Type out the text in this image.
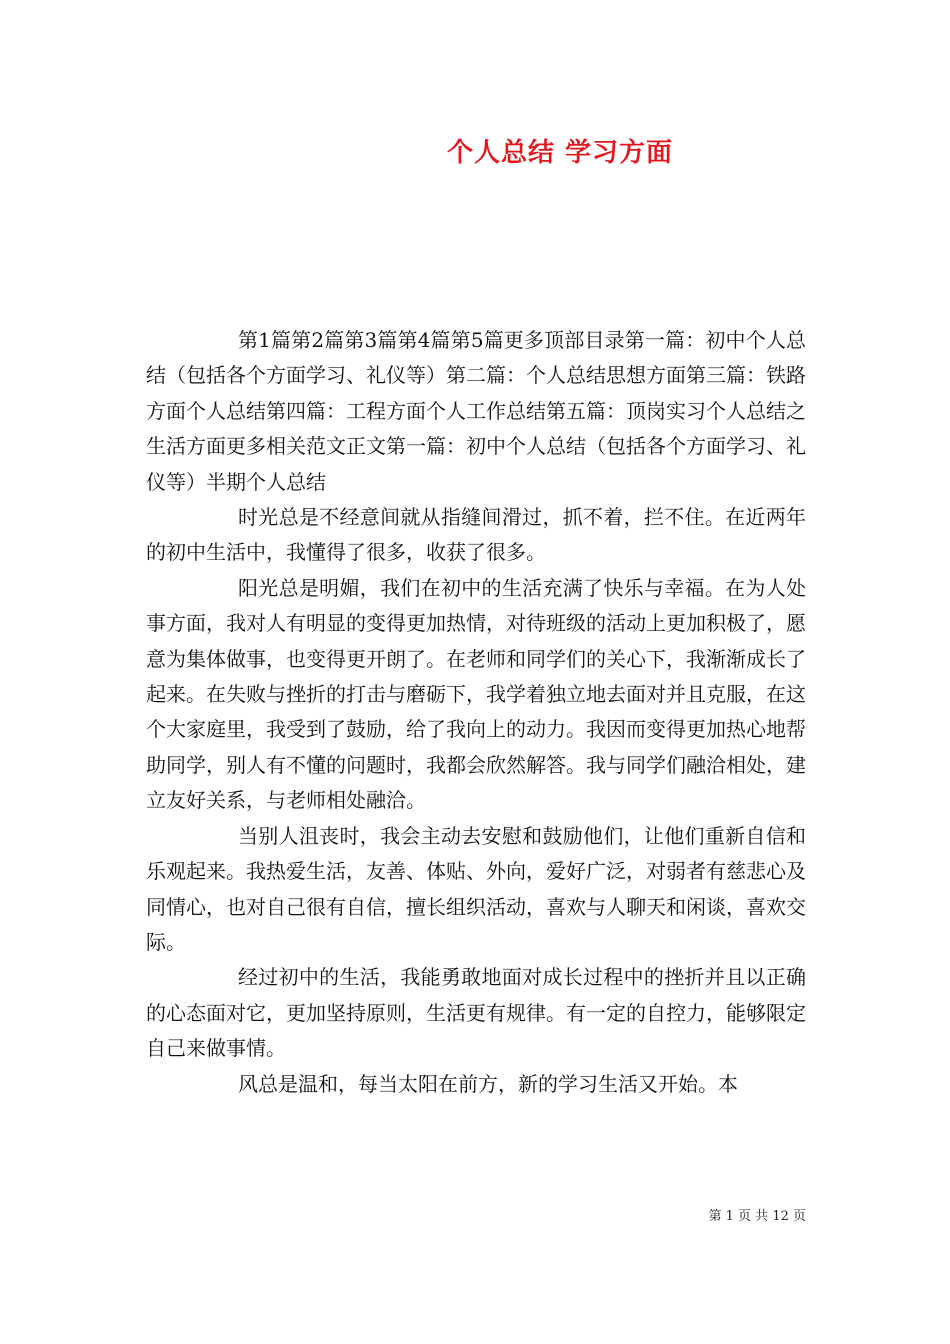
个人总结 学习方面

第1篇第2篇第3篇第4篇第5篇更多顶部目录第一篇：初中个人总结（包括各个方面学习、礼仪等）第二篇：个人总结思想方面第三篇：铁路方面个人总结第四篇：工程方面个人工作总结第五篇：顶岗实习个人总结之生活方面更多相关范文正文第一篇：初中个人总结（包括各个方面学习、礼仪等）半期个人总结

时光总是不经意间就从指缝间滑过，抓不着，拦不住。在近两年的初中生活中，我懂得了很多，收获了很多。

阳光总是明媚，我们在初中的生活充满了快乐与幸福。在为人处事方面，我对人有明显的变得更加热情，对待班级的活动上更加积极了，愿意为集体做事，也变得更开朗了。在老师和同学们的关心下，我渐渐成长了起来。在失败与挫折的打击与磨砺下，我学着独立地去面对并且克服，在这个大家庭里，我受到了鼓励，给了我向上的动力。我因而变得更加热心地帮助同学，别人有不懂的问题时，我都会欣然解答。我与同学们融洽相处，建立友好关系，与老师相处融洽。

当别人沮丧时，我会主动去安慰和鼓励他们，让他们重新自信和乐观起来。我热爱生活，友善、体贴、外向，爱好广泛，对弱者有慈悲心及同情心，也对自己很有自信，擅长组织活动，喜欢与人聊天和闲谈，喜欢交际。

经过初中的生活，我能勇敢地面对成长过程中的挫折并且以正确的心态面对它，更加坚持原则，生活更有规律。有一定的自控力，能够限定自己来做事情。

风总是温和，每当太阳在前方，新的学习生活又开始。本

第 1 页 共 12 页
